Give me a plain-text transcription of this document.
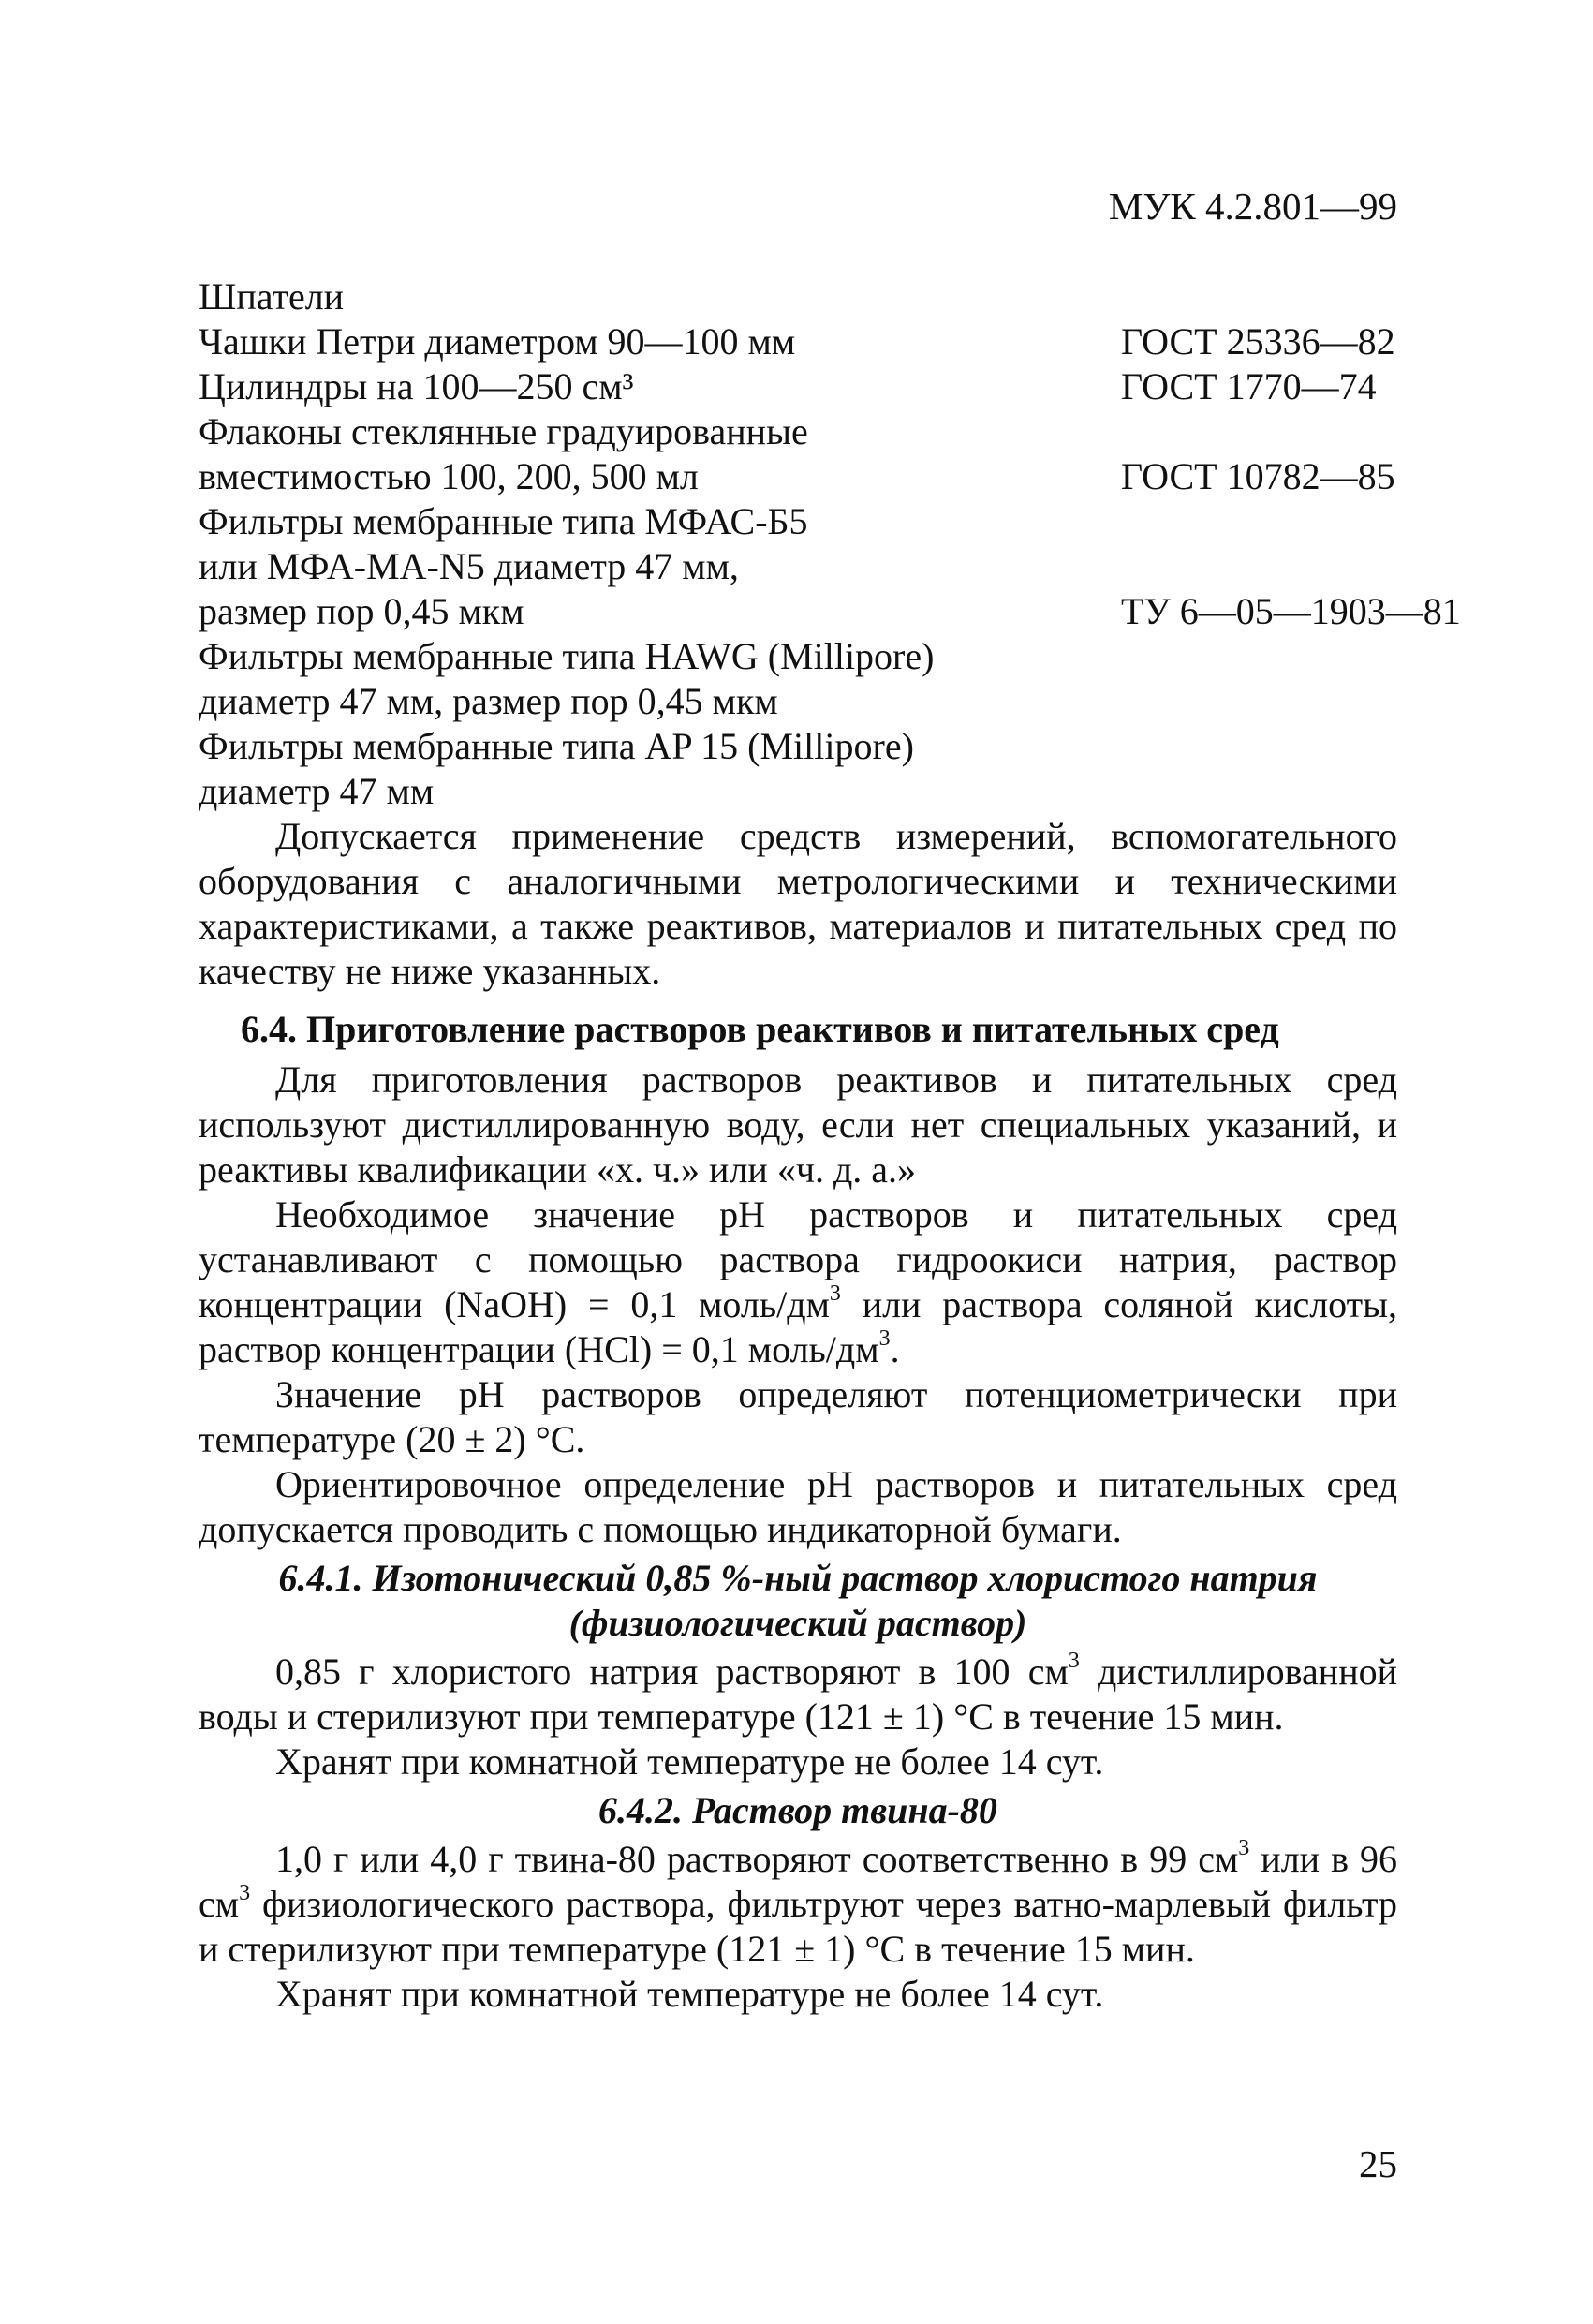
МУК 4.2.801—99
Шпатели
Чашки Петри диаметром 90—100 мм	ГОСТ 25336—82
Цилиндры на 100—250 см³	ГОСТ 1770—74
Флаконы стеклянные градуированные
вместимостью 100, 200, 500 мл	ГОСТ 10782—85
Фильтры мембранные типа МФАС-Б5
или МФА-МА-N5 диаметр 47 мм,
размер пор 0,45 мкм	ТУ 6—05—1903—81
Фильтры мембранные типа HAWG (Millipore)
диаметр 47 мм, размер пор 0,45 мкм
Фильтры мембранные типа AP 15 (Millipore)
диаметр 47 мм

Допускается применение средств измерений, вспомогательного оборудования с аналогичными метрологическими и техническими характеристиками, а также реактивов, материалов и питательных сред по качеству не ниже указанных.

6.4. Приготовление растворов реактивов и питательных сред

Для приготовления растворов реактивов и питательных сред используют дистиллированную воду, если нет специальных указаний, и реактивы квалификации «х. ч.» или «ч. д. а.»

Необходимое значение pH растворов и питательных сред устанавливают с помощью раствора гидроокиси натрия, раствор концентрации (NaOH) = 0,1 моль/$дм^3$ или раствора соляной кислоты, раствор концентрации (HCl) = 0,1 моль/$дм^3$.

Значение pH растворов определяют потенциометрически при температуре (20 ± 2) °С.

Ориентировочное определение pH растворов и питательных сред допускается проводить с помощью индикаторной бумаги.

6.4.1. Изотонический 0,85 %-ный раствор хлористого натрия
(физиологический раствор)

0,85 г хлористого натрия растворяют в 100 $см^3$ дистиллированной воды и стерилизуют при температуре (121 ± 1) °С в течение 15 мин.

Хранят при комнатной температуре не более 14 сут.

6.4.2. Раствор твина-80

1,0 г или 4,0 г твина-80 растворяют соответственно в 99 $см^3$ или в 96 $см^3$ физиологического раствора, фильтруют через ватно-марлевый фильтр и стерилизуют при температуре (121 ± 1) °С в течение 15 мин.

Хранят при комнатной температуре не более 14 сут.

25
